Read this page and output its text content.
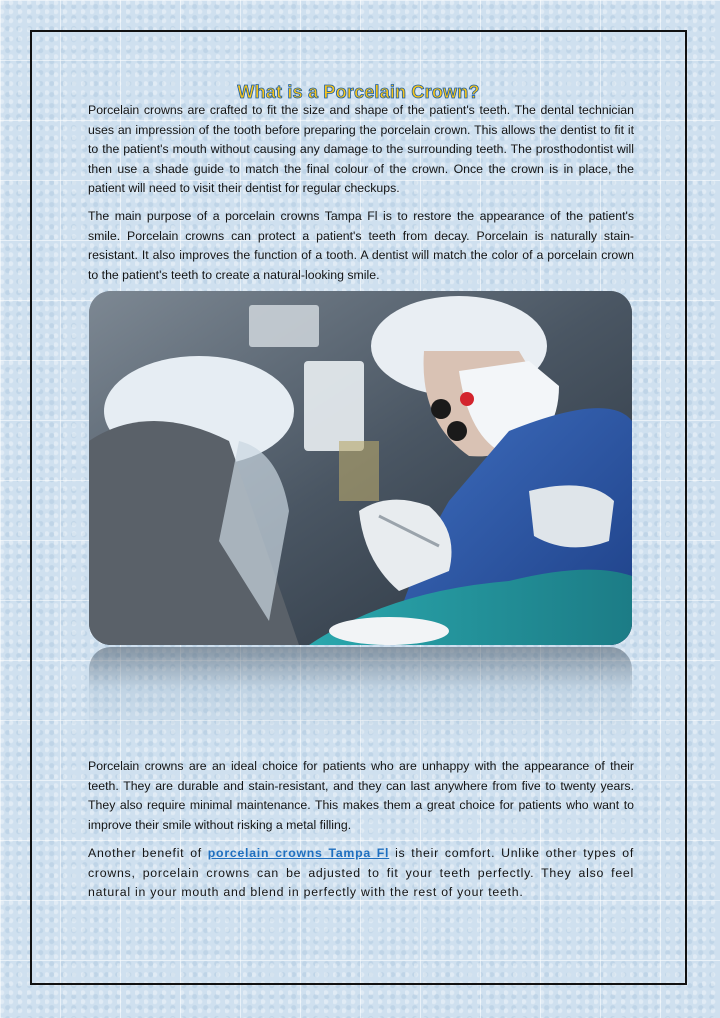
What is a Porcelain Crown?

Porcelain crowns are crafted to fit the size and shape of the patient's teeth. The dental technician uses an impression of the tooth before preparing the porcelain crown. This allows the dentist to fit it to the patient's mouth without causing any damage to the surrounding teeth. The prosthodontist will then use a shade guide to match the final colour of the crown. Once the crown is in place, the patient will need to visit their dentist for regular checkups.

The main purpose of a porcelain crowns Tampa Fl is to restore the appearance of the patient's smile. Porcelain crowns can protect a patient's teeth from decay. Porcelain is naturally stain-resistant. It also improves the function of a tooth. A dentist will match the color of a porcelain crown to the patient's teeth to create a natural-looking smile.

Porcelain crowns are an ideal choice for patients who are unhappy with the appearance of their teeth. They are durable and stain-resistant, and they can last anywhere from five to twenty years. They also require minimal maintenance. This makes them a great choice for patients who want to improve their smile without risking a metal filling.

Another benefit of porcelain crowns Tampa Fl is their comfort. Unlike other types of crowns, porcelain crowns can be adjusted to fit your teeth perfectly. They also feel natural in your mouth and blend in perfectly with the rest of your teeth.
